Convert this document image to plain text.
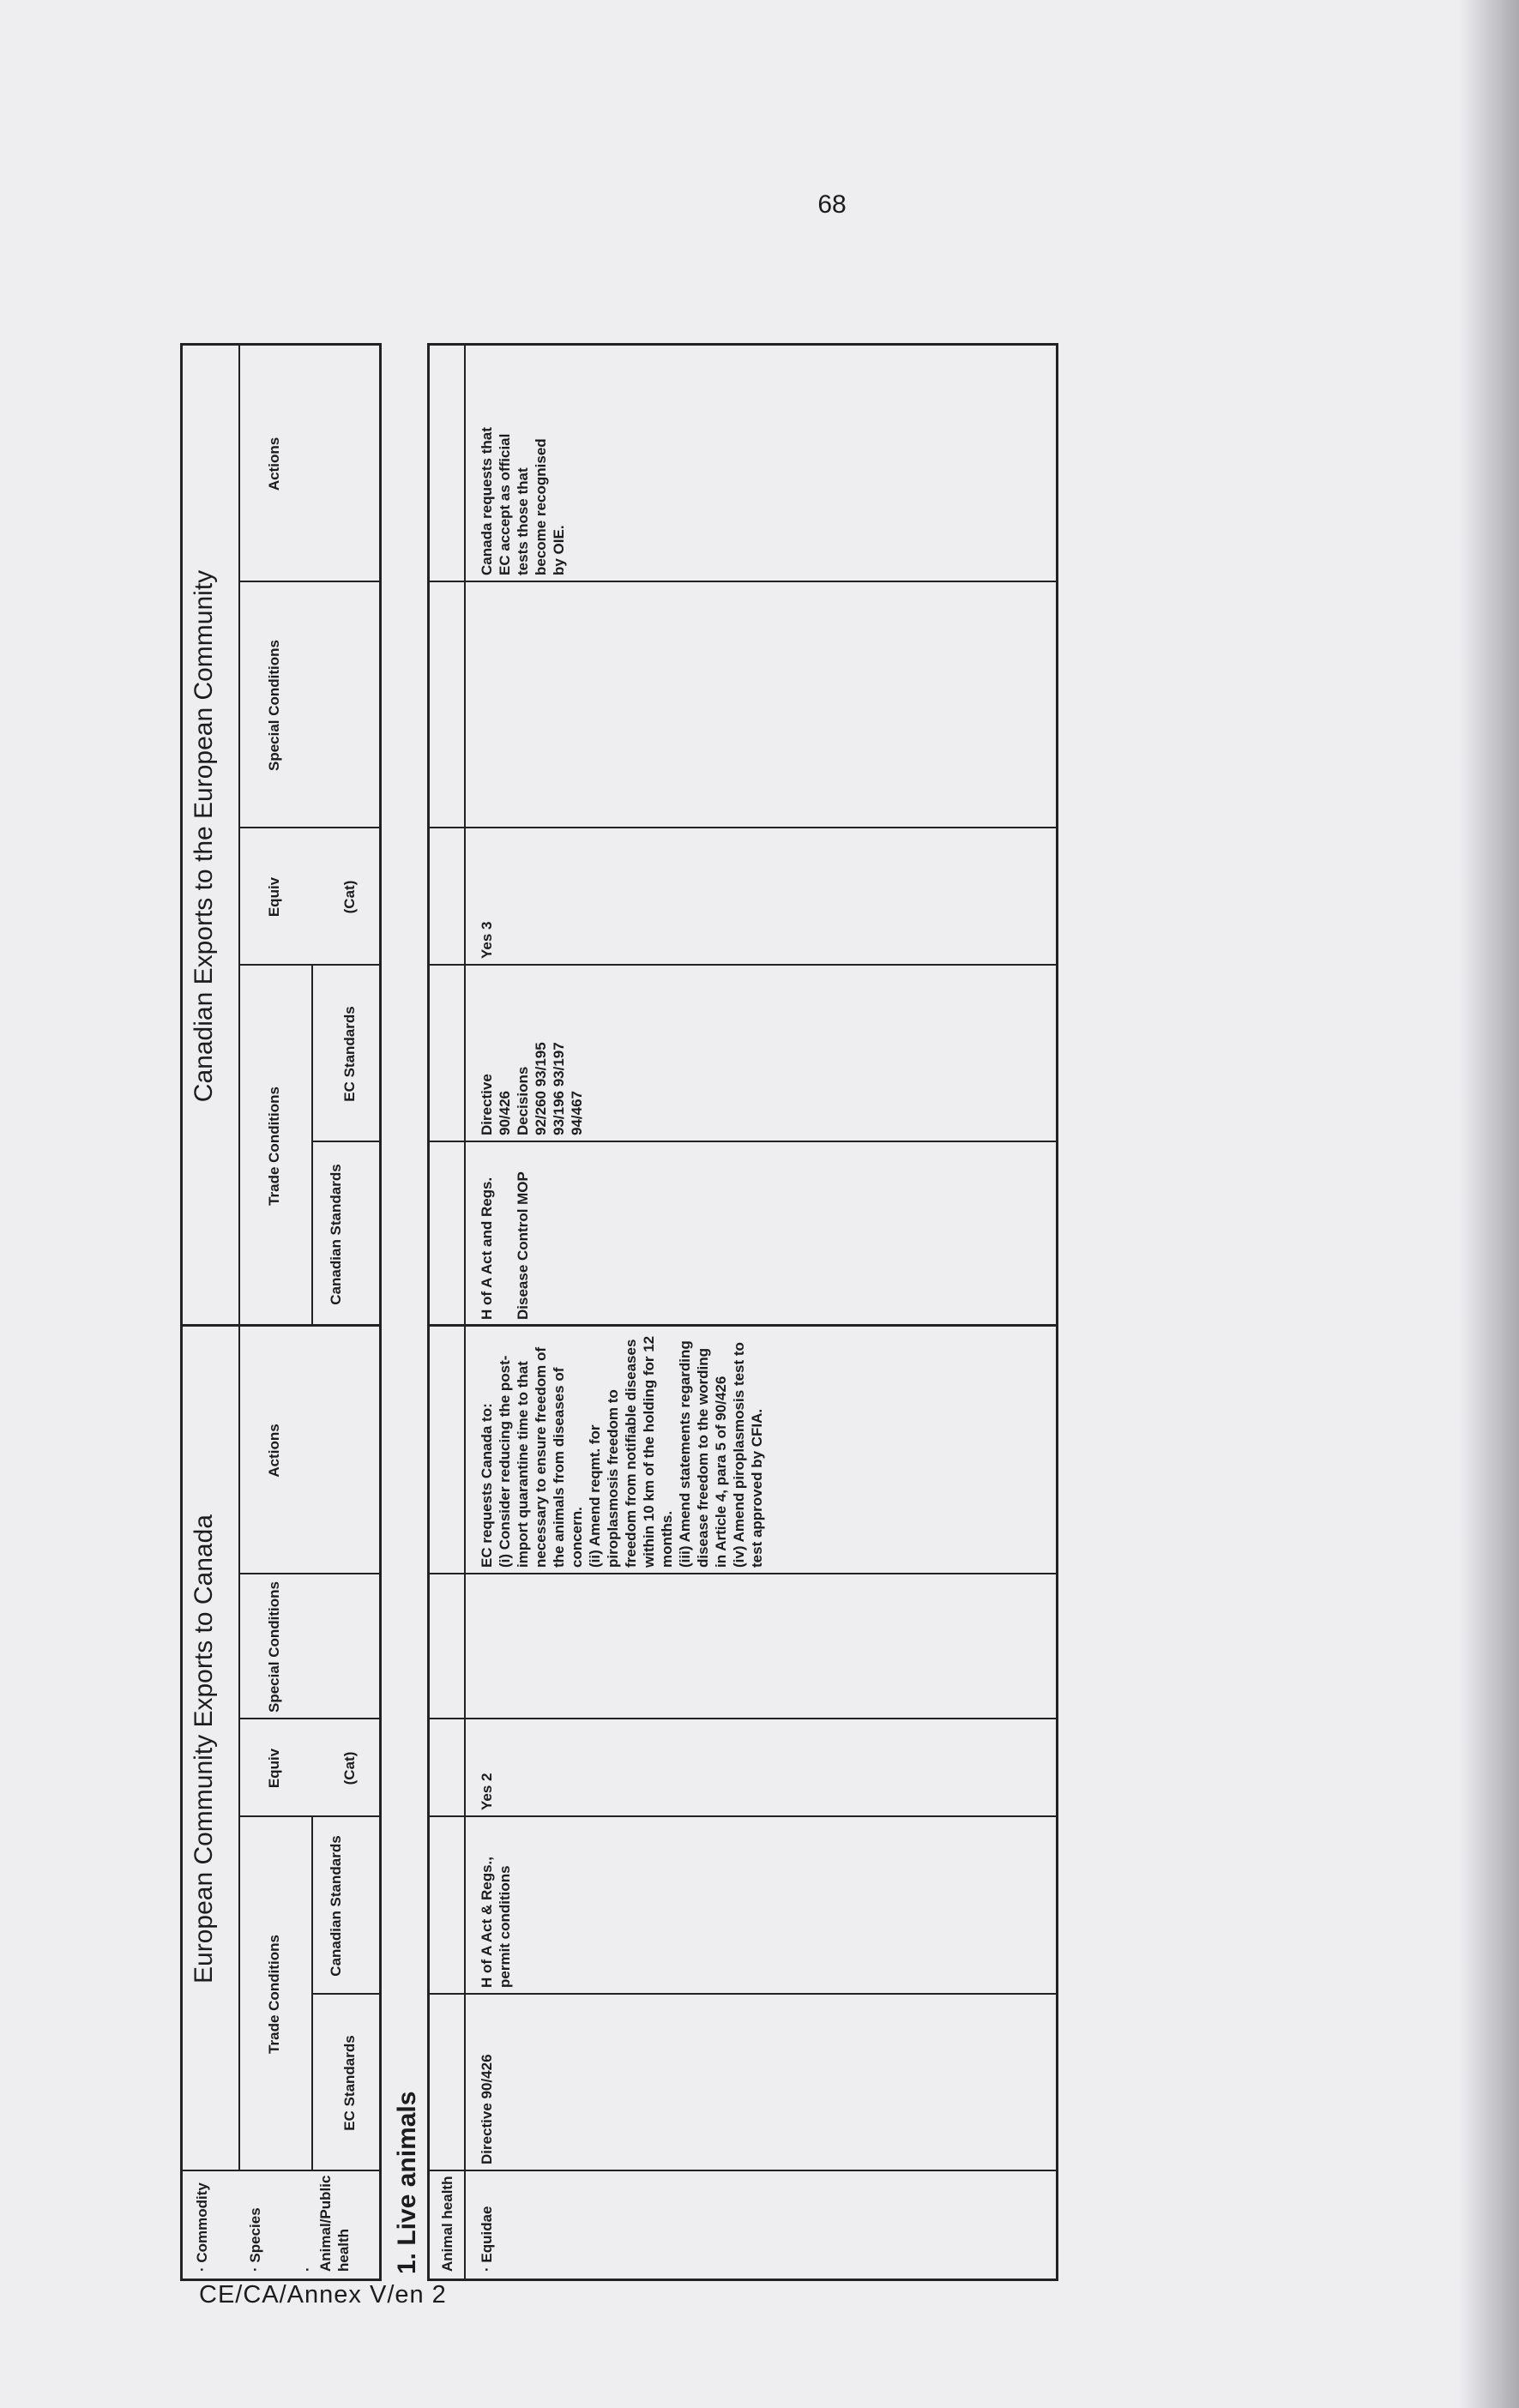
68
· Commodity
· Species
· Animal/Public health
European Community Exports to Canada
Trade Conditions
EC Standards
Canadian Standards
Equiv	(Cat)
Special Conditions
Actions
Canadian Exports to the European Community
Trade Conditions
Canadian Standards
EC Standards
Equiv	(Cat)
Special Conditions
Actions
1. Live animals Animal health · Equidae
Directive 90/426
H of A Act & Regs., permit conditions
Yes 2
EC requests Canada to: (i) Consider reducing the post-import quarantine time to that necessary to ensure freedom of the animals from diseases of concern. (ii) Amend reqmt. for piroplasmosis freedom to freedom from notifiable diseases within 10 km of the holding for 12 months. (iii) Amend statements regarding disease freedom to the wording in Article 4, para 5 of 90/426 (iv) Amend piroplasmosis test to test approved by CFIA.
H of A Act and Regs. Disease Control MOP
Directive 90/426 Decisions 92/260 93/195 93/196 93/197 94/467
Yes 3
Canada requests that EC accept as official tests those that become recognised by OIE.
CE/CA/Annex V/en 2
